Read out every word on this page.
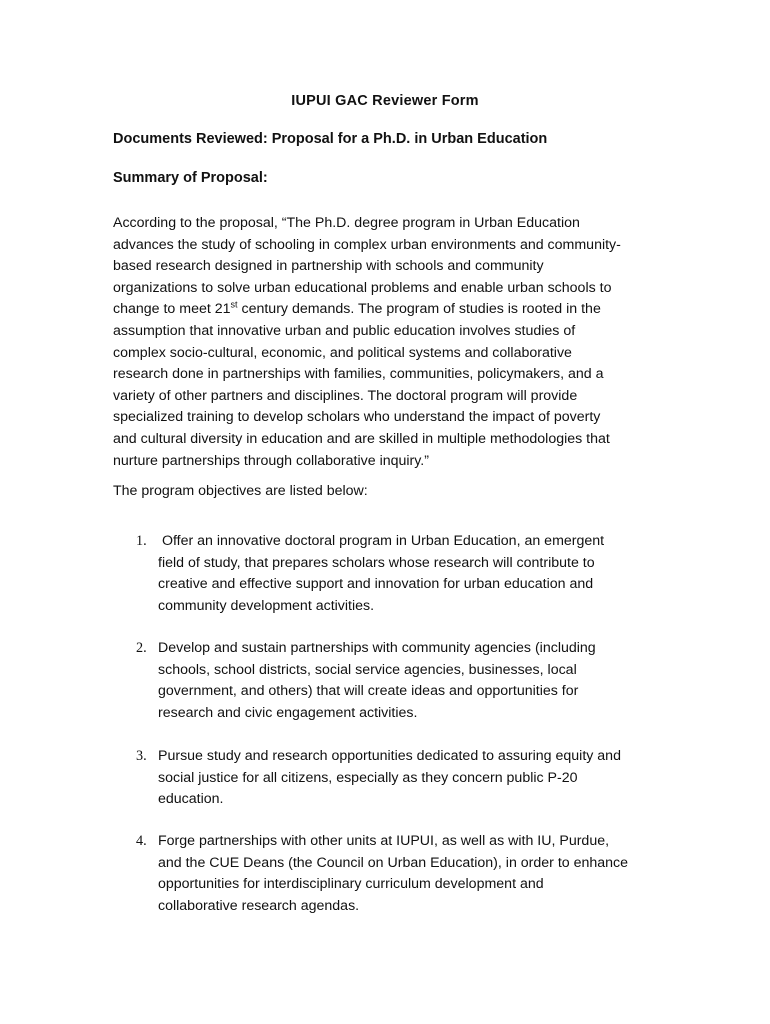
IUPUI GAC Reviewer Form
Documents Reviewed: Proposal for a Ph.D. in Urban Education
Summary of Proposal:
According to the proposal, “The Ph.D. degree program in Urban Education
advances the study of schooling in complex urban environments and community-
based research designed in partnership with schools and community
organizations to solve urban educational problems and enable urban schools to
change to meet 21st century demands. The program of studies is rooted in the
assumption that innovative urban and public education involves studies of
complex socio-cultural, economic, and political systems and collaborative
research done in partnerships with families, communities, policymakers, and a
variety of other partners and disciplines. The doctoral program will provide
specialized training to develop scholars who understand the impact of poverty
and cultural diversity in education and are skilled in multiple methodologies that
nurture partnerships through collaborative inquiry.”
The program objectives are listed below:
1. Offer an innovative doctoral program in Urban Education, an emergent
field of study, that prepares scholars whose research will contribute to
creative and effective support and innovation for urban education and
community development activities.
2. Develop and sustain partnerships with community agencies (including
schools, school districts, social service agencies, businesses, local
government, and others) that will create ideas and opportunities for
research and civic engagement activities.
3. Pursue study and research opportunities dedicated to assuring equity and
social justice for all citizens, especially as they concern public P-20
education.
4. Forge partnerships with other units at IUPUI, as well as with IU, Purdue,
and the CUE Deans (the Council on Urban Education), in order to enhance
opportunities for interdisciplinary curriculum development and
collaborative research agendas.
